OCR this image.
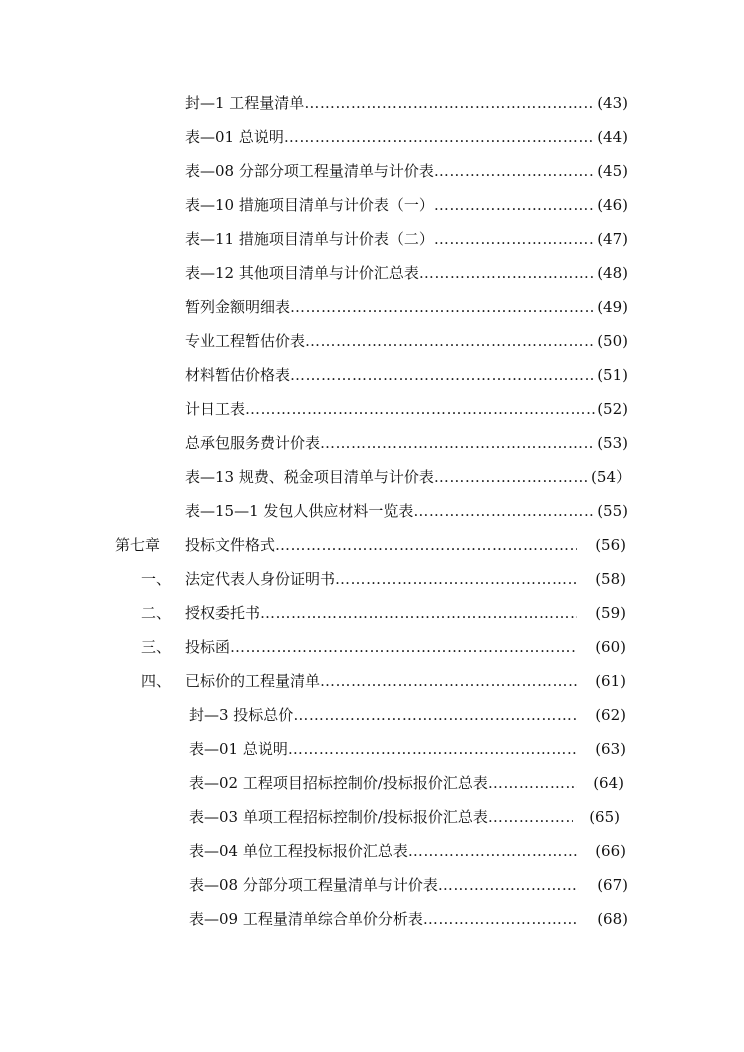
封—1 工程量清单 ……………………………………………………………………………………………………………………………………………………	(43)
表—01 总说明 ……………………………………………………………………………………………………………………………………………………	(44)
表—08 分部分项工程量清单与计价表 ……………………………………………………………………………………………………………………………………………………	(45)
表—10 措施项目清单与计价表（一） ……………………………………………………………………………………………………………………………………………………	(46)
表—11 措施项目清单与计价表（二） ……………………………………………………………………………………………………………………………………………………	(47)
表—12 其他项目清单与计价汇总表 ……………………………………………………………………………………………………………………………………………………	(48)
暂列金额明细表 ……………………………………………………………………………………………………………………………………………………	(49)
专业工程暂估价表 ……………………………………………………………………………………………………………………………………………………	(50)
材料暂估价格表 ……………………………………………………………………………………………………………………………………………………	(51)
计日工表 ……………………………………………………………………………………………………………………………………………………	(52)
总承包服务费计价表 ……………………………………………………………………………………………………………………………………………………	(53)
表—13 规费、税金项目清单与计价表 ……………………………………………………………………………………………………………………………………………………	(54）
表—15—1 发包人供应材料一览表 ……………………………………………………………………………………………………………………………………………………	(55)
第七章	投标文件格式 ……………………………………………………………………………………………………………………………………………………	(56)
一、 法定代表人身份证明书 ……………………………………………………………………………………………………………………………………………………	(58)
二、 授权委托书 ……………………………………………………………………………………………………………………………………………………	(59)
三、 投标函 ……………………………………………………………………………………………………………………………………………………	(60)
四、 已标价的工程量清单 ……………………………………………………………………………………………………………………………………………………	(61)
封—3 投标总价 ……………………………………………………………………………………………………………………………………………………	(62)
表—01 总说明 ……………………………………………………………………………………………………………………………………………………	(63)
表—02 工程项目招标控制价/投标报价汇总表 ……………………………………………………………………………………………………………………………………………………	(64)
表—03 单项工程招标控制价/投标报价汇总表 ……………………………………………………………………………………………………………………………………………………	(65)
表—04 单位工程投标报价汇总表 ……………………………………………………………………………………………………………………………………………………	(66)
表—08 分部分项工程量清单与计价表 ……………………………………………………………………………………………………………………………………………………	(67)
表—09 工程量清单综合单价分析表 ……………………………………………………………………………………………………………………………………………………	(68)
